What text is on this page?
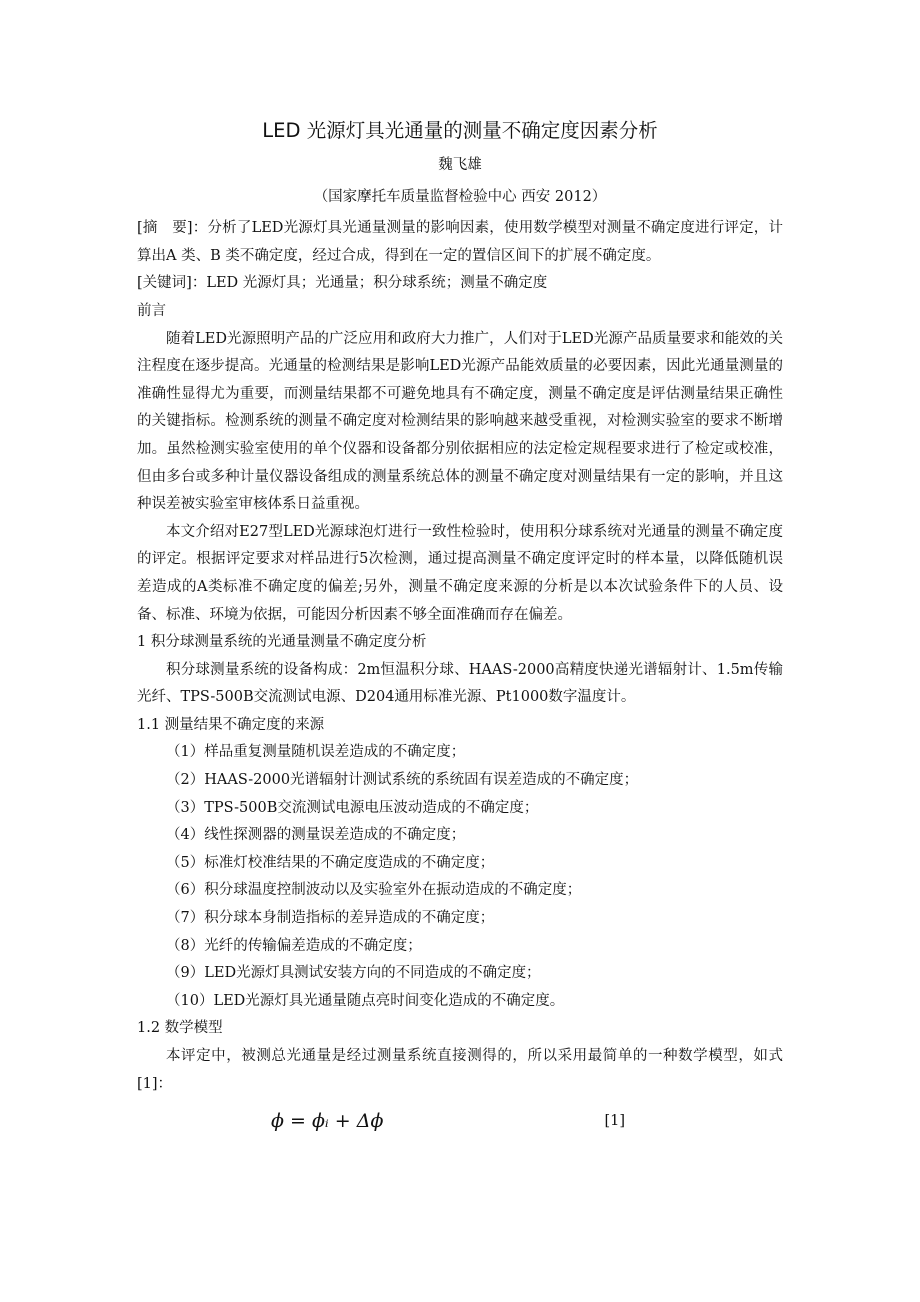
LED 光源灯具光通量的测量不确定度因素分析

魏飞雄

（国家摩托车质量监督检验中心 西安 2012）

[摘　要]：分析了LED光源灯具光通量测量的影响因素，使用数学模型对测量不确定度进行评定，计算出A 类、B 类不确定度，经过合成，得到在一定的置信区间下的扩展不确定度。

[关键词]：LED 光源灯具；光通量；积分球系统；测量不确定度

前言

随着LED光源照明产品的广泛应用和政府大力推广，人们对于LED光源产品质量要求和能效的关注程度在逐步提高。光通量的检测结果是影响LED光源产品能效质量的必要因素，因此光通量测量的准确性显得尤为重要，而测量结果都不可避免地具有不确定度，测量不确定度是评估测量结果正确性的关键指标。检测系统的测量不确定度对检测结果的影响越来越受重视，对检测实验室的要求不断增加。虽然检测实验室使用的单个仪器和设备都分别依据相应的法定检定规程要求进行了检定或校准，但由多台或多种计量仪器设备组成的测量系统总体的测量不确定度对测量结果有一定的影响，并且这种误差被实验室审核体系日益重视。

本文介绍对E27型LED光源球泡灯进行一致性检验时，使用积分球系统对光通量的测量不确定度的评定。根据评定要求对样品进行5次检测，通过提高测量不确定度评定时的样本量，以降低随机误差造成的A类标准不确定度的偏差;另外，测量不确定度来源的分析是以本次试验条件下的人员、设备、标准、环境为依据，可能因分析因素不够全面准确而存在偏差。

1 积分球测量系统的光通量测量不确定度分析

积分球测量系统的设备构成：2m恒温积分球、HAAS-2000高精度快递光谱辐射计、1.5m传输光纤、TPS-500B交流测试电源、D204通用标准光源、Pt1000数字温度计。

1.1 测量结果不确定度的来源

（1）样品重复测量随机误差造成的不确定度；

（2）HAAS-2000光谱辐射计测试系统的系统固有误差造成的不确定度；

（3）TPS-500B交流测试电源电压波动造成的不确定度；

（4）线性探测器的测量误差造成的不确定度；

（5）标准灯校准结果的不确定度造成的不确定度；

（6）积分球温度控制波动以及实验室外在振动造成的不确定度；

（7）积分球本身制造指标的差异造成的不确定度；

（8）光纤的传输偏差造成的不确定度；

（9）LED光源灯具测试安装方向的不同造成的不确定度；

（10）LED光源灯具光通量随点亮时间变化造成的不确定度。

1.2 数学模型

本评定中，被测总光通量是经过测量系统直接测得的，所以采用最简单的一种数学模型，如式[1]：

ϕ = ϕᵢ + Δϕ	[1]
